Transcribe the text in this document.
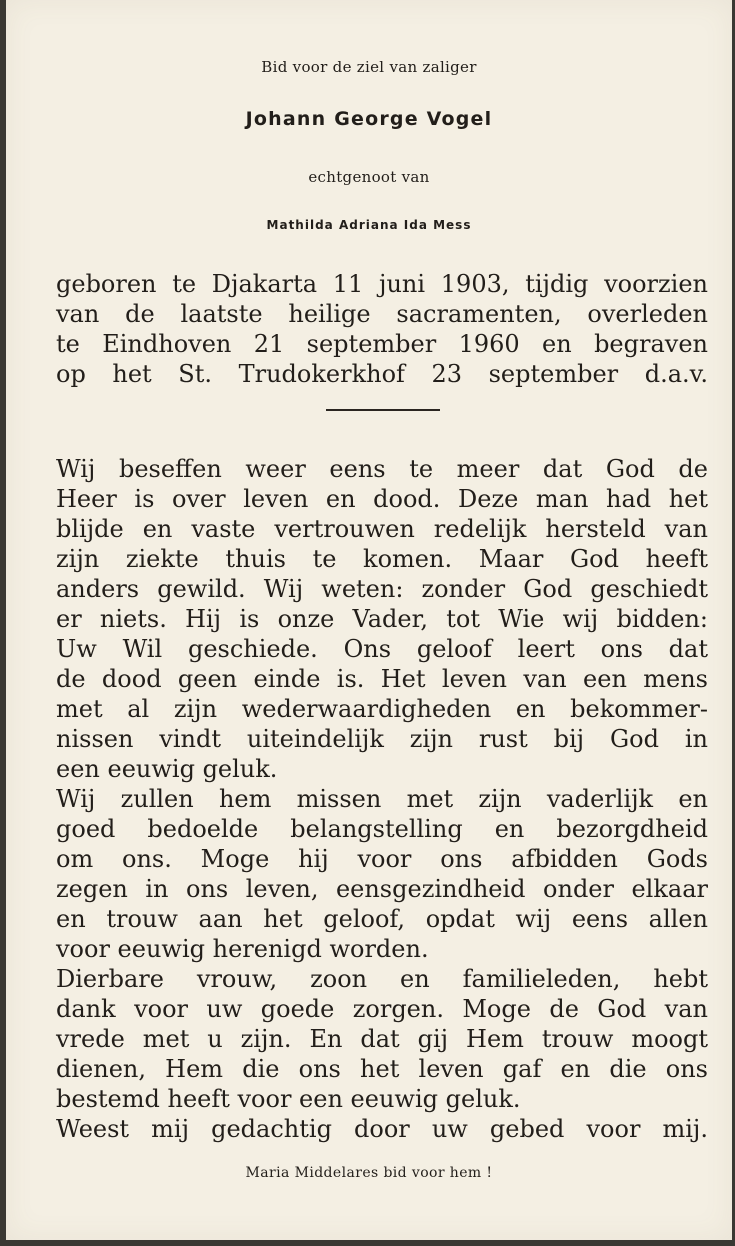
Bid voor de ziel van zaliger

Johann George Vogel

echtgenoot van

Mathilda Adriana Ida Mess

geboren te Djakarta 11 juni 1903, tijdig voorzien

van de laatste heilige sacramenten, overleden

te Eindhoven 21 september 1960 en begraven

op het St. Trudokerkhof 23 september d.a.v.

Wij beseffen weer eens te meer dat God de

Heer is over leven en dood. Deze man had het

blijde en vaste vertrouwen redelijk hersteld van

zijn ziekte thuis te komen. Maar God heeft

anders gewild. Wij weten: zonder God geschiedt

er niets. Hij is onze Vader, tot Wie wij bidden:

Uw Wil geschiede. Ons geloof leert ons dat

de dood geen einde is. Het leven van een mens

met al zijn wederwaardigheden en bekommer-

nissen vindt uiteindelijk zijn rust bij God in

een eeuwig geluk.

Wij zullen hem missen met zijn vaderlijk en

goed bedoelde belangstelling en bezorgdheid

om ons. Moge hij voor ons afbidden Gods

zegen in ons leven, eensgezindheid onder elkaar

en trouw aan het geloof, opdat wij eens allen

voor eeuwig herenigd worden.

Dierbare vrouw, zoon en familieleden, hebt

dank voor uw goede zorgen. Moge de God van

vrede met u zijn. En dat gij Hem trouw moogt

dienen, Hem die ons het leven gaf en die ons

bestemd heeft voor een eeuwig geluk.

Weest mij gedachtig door uw gebed voor mij.

Maria Middelares bid voor hem !
